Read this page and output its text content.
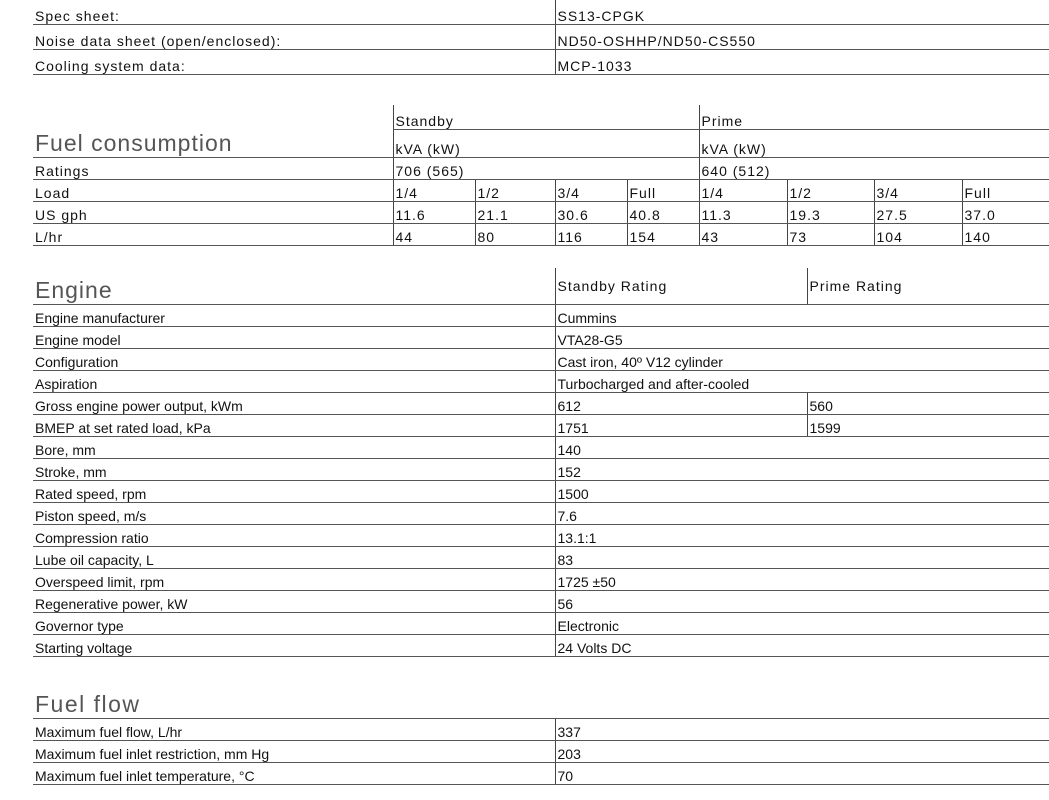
Spec sheet:	SS13-CPGK
Noise data sheet (open/enclosed):	ND50-OSHHP/ND50-CS550
Cooling system data:	MCP-1033
	Standby				Prime			
Fuel consumption	kVA (kW)				kVA (kW)			
Ratings	706 (565)				640 (512)			
Load	1/4	1/2	3/4	Full	1/4	1/2	3/4	Full
US gph	11.6	21.1	30.6	40.8	11.3	19.3	27.5	37.0
L/hr	44	80	116	154	43	73	104	140
Engine	Standby Rating	Prime Rating
Engine manufacturer	Cummins	
Engine model	VTA28-G5	
Configuration	Cast iron, 40º V12 cylinder	
Aspiration	Turbocharged and after-cooled	
Gross engine power output, kWm	612	560
BMEP at set rated load, kPa	1751	1599
Bore, mm	140	
Stroke, mm	152	
Rated speed, rpm	1500	
Piston speed, m/s	7.6	
Compression ratio	13.1:1	
Lube oil capacity, L	83	
Overspeed limit, rpm	1725 ±50	
Regenerative power, kW	56	
Governor type	Electronic	
Starting voltage	24 Volts DC	
Fuel flow	
Maximum fuel flow, L/hr	337
Maximum fuel inlet restriction, mm Hg	203
Maximum fuel inlet temperature, °C	70
